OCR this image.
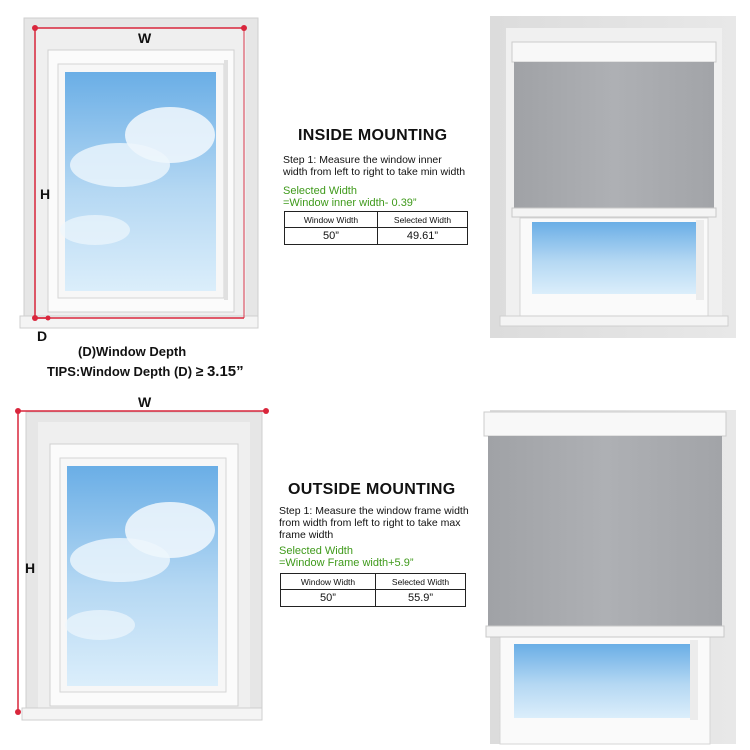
W
H
D
W
H
(D)Window Depth
TIPS:Window Depth (D) ≥ 3.15”
INSIDE MOUNTING
Step 1: Measure the window inner
width from left to right to take min width
Selected Width
=Window inner width- 0.39”
Window Width	Selected Width
50”	49.61”
OUTSIDE MOUNTING
Step 1: Measure the window frame width
from width from left to right to take max
frame width
Selected Width
=Window Frame width+5.9”
Window Width	Selected Width
50”	55.9”
